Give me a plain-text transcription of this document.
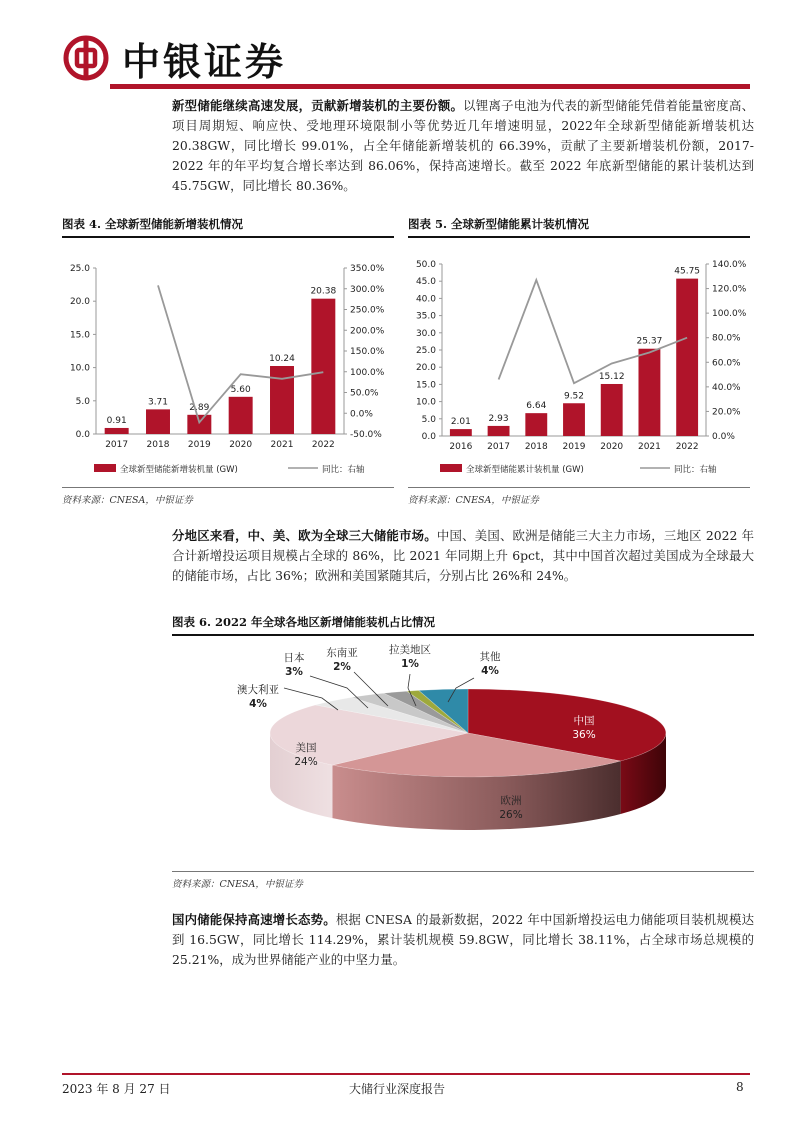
中银证券
新型储能继续高速发展，贡献新增装机的主要份额。以锂离子电池为代表的新型储能凭借着能量密度高、项目周期短、响应快、受地理环境限制小等优势近几年增速明显，2022年全球新型储能新增装机达 20.38GW，同比增长 99.01%，占全年储能新增装机的 66.39%，贡献了主要新增装机份额，2017-2022 年的年平均复合增长率达到 86.06%，保持高速增长。截至 2022 年底新型储能的累计装机达到 45.75GW，同比增长 80.36%。
图表 4. 全球新型储能新增装机情况	图表 5. 全球新型储能累计装机情况
0.0
5.0
10.0
15.0
20.0
25.0
-50.0%
0.0%
50.0%
100.0%
150.0%
200.0%
250.0%
300.0%
350.0%
0.91
2017
3.71
2018
2.89
2019
5.60
2020
10.24
2021
20.38
2022
全球新型储能新增装机量 (GW)	同比：右轴
资料来源：CNESA，中银证券
0.0
5.0
10.0
15.0
20.0
25.0
30.0
35.0
40.0
45.0
50.0
0.0%
20.0%
40.0%
60.0%
80.0%
100.0%
120.0%
140.0%
2.01
2016
2.93
2017
6.64
2018
9.52
2019
15.12
2020
25.37
2021
45.75
2022
全球新型储能累计装机量 (GW)	同比：右轴
资料来源：CNESA，中银证券
分地区来看，中、美、欧为全球三大储能市场。中国、美国、欧洲是储能三大主力市场，三地区 2022 年合计新增投运项目规模占全球的 86%，比 2021 年同期上升 6pct，其中中国首次超过美国成为全球最大的储能市场，占比 36%；欧洲和美国紧随其后，分别占比 26%和 24%。
图表 6. 2022 年全球各地区新增储能装机占比情况
中国
36%
欧洲
26%
美国
24%
澳大利亚
4%
日本
3%
东南亚
2%
拉美地区
1%
其他
4%
资料来源：CNESA，中银证券
国内储能保持高速增长态势。根据 CNESA 的最新数据，2022 年中国新增投运电力储能项目装机规模达到 16.5GW，同比增长 114.29%，累计装机规模 59.8GW，同比增长 38.11%，占全球市场总规模的 25.21%，成为世界储能产业的中坚力量。
2023 年 8 月 27 日	大储行业深度报告	8
